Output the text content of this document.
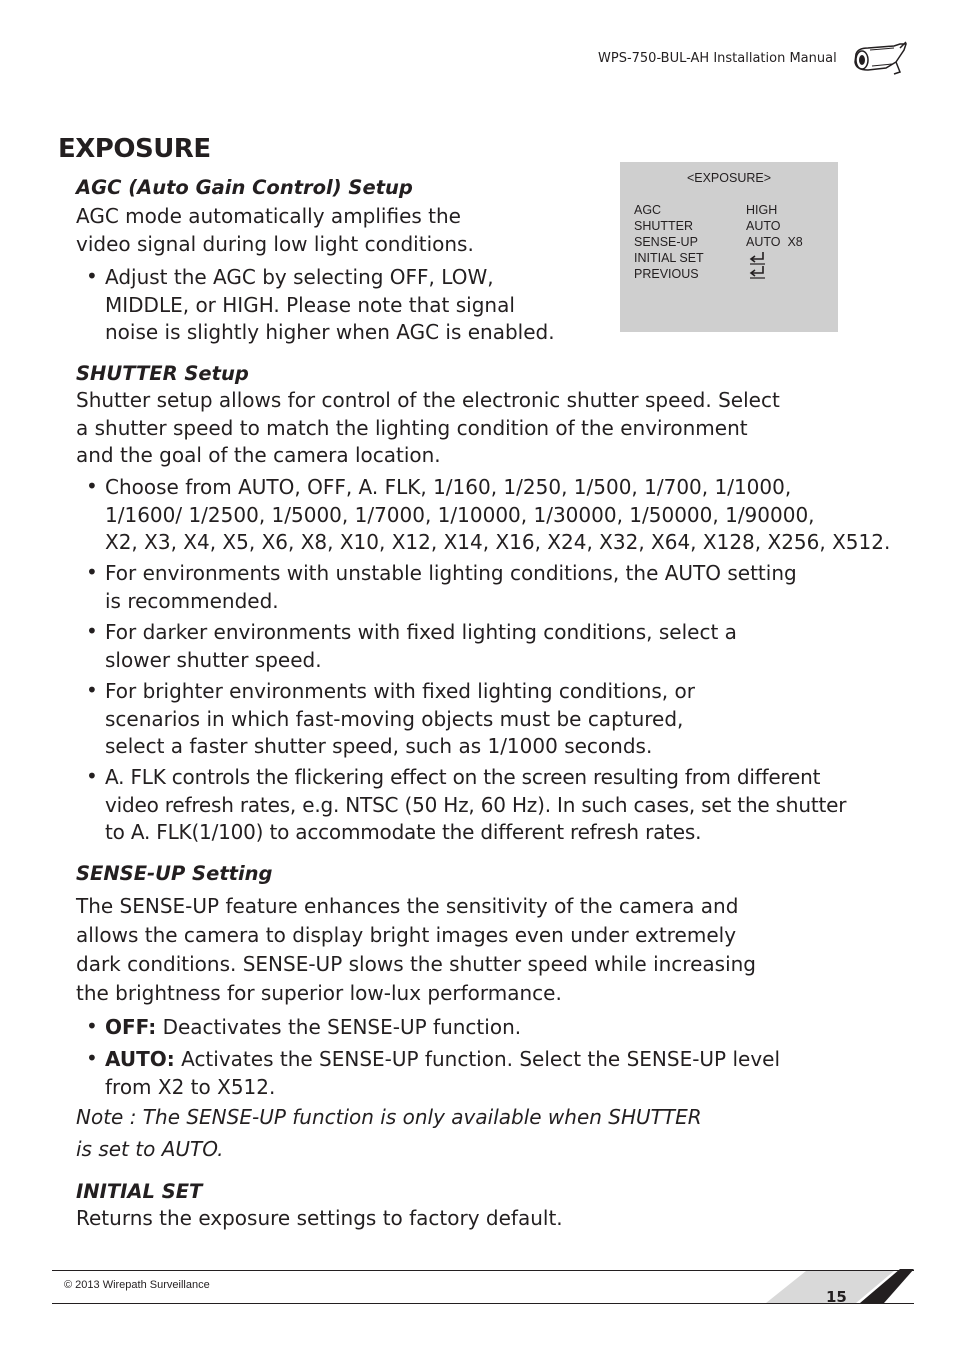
WPS-750-BUL-AH Installation Manual
EXPOSURE
AGC (Auto Gain Control) Setup
AGC mode automatically amplifies the
video signal during low light conditions.
• Adjust the AGC by selecting OFF, LOW,
MIDDLE, or HIGH. Please note that signal
noise is slightly higher when AGC is enabled.
<EXPOSURE>
AGC	HIGH
SHUTTER	AUTO
SENSE-UP	AUTO  X8
INITIAL SET
PREVIOUS
SHUTTER Setup
Shutter setup allows for control of the electronic shutter speed. Select
a shutter speed to match the lighting condition of the environment
and the goal of the camera location.
• Choose from AUTO, OFF, A. FLK, 1/160, 1/250, 1/500, 1/700, 1/1000,
1/1600/ 1/2500, 1/5000, 1/7000, 1/10000, 1/30000, 1/50000, 1/90000,
X2, X3, X4, X5, X6, X8, X10, X12, X14, X16, X24, X32, X64, X128, X256, X512.
• For environments with unstable lighting conditions, the AUTO setting
is recommended.
• For darker environments with fixed lighting conditions, select a
slower shutter speed.
• For brighter environments with fixed lighting conditions, or
scenarios in which fast-moving objects must be captured,
select a faster shutter speed, such as 1/1000 seconds.
• A. FLK controls the flickering effect on the screen resulting from different
video refresh rates, e.g. NTSC (50 Hz, 60 Hz). In such cases, set the shutter
to A. FLK(1/100) to accommodate the different refresh rates.
SENSE-UP Setting
The SENSE-UP feature enhances the sensitivity of the camera and
allows the camera to display bright images even under extremely
dark conditions. SENSE-UP slows the shutter speed while increasing
the brightness for superior low-lux performance.
• OFF: Deactivates the SENSE-UP function.
• AUTO: Activates the SENSE-UP function. Select the SENSE-UP level
from X2 to X512.
Note : The SENSE-UP function is only available when SHUTTER
is set to AUTO.
INITIAL SET
Returns the exposure settings to factory default.
© 2013 Wirepath Surveillance
15
